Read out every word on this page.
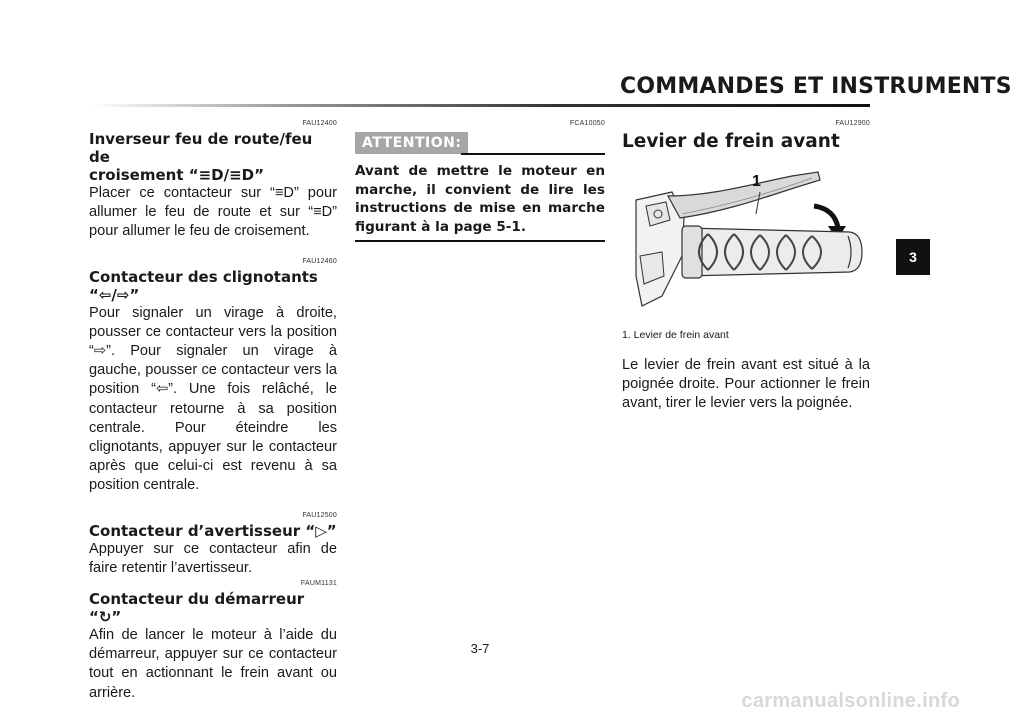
COMMANDES ET INSTRUMENTS
3
FAU12400

Inverseur feu de route/feu de
croisement “≡D/≡D”

Placer ce contacteur sur “≡D” pour allumer le feu de route et sur “≡D” pour allumer le feu de croisement.

FAU12460

Contacteur des clignotants “⇦/⇨”

Pour signaler un virage à droite, pousser ce contacteur vers la position “⇨”. Pour signaler un virage à gauche, pousser ce contacteur vers la position “⇦”. Une fois relâché, le contacteur retourne à sa position centrale. Pour éteindre les clignotants, appuyer sur le contacteur après que celui-ci est revenu à sa position centrale.

FAU12500

Contacteur d’avertisseur “▷”

Appuyer sur ce contacteur afin de faire retentir l’avertisseur.

FAUM1131

Contacteur du démarreur “↻”

Afin de lancer le moteur à l’aide du démarreur, appuyer sur ce contacteur tout en actionnant le frein avant ou arrière.

FCA10050
ATTENTION:

Avant de mettre le moteur en marche, il convient de lire les instructions de mise en marche figurant à la page 5-1.

FAU12900

Levier de frein avant

1

1. Levier de frein avant

Le levier de frein avant est situé à la poignée droite. Pour actionner le frein avant, tirer le levier vers la poignée.

3-7
carmanualsonline.info
